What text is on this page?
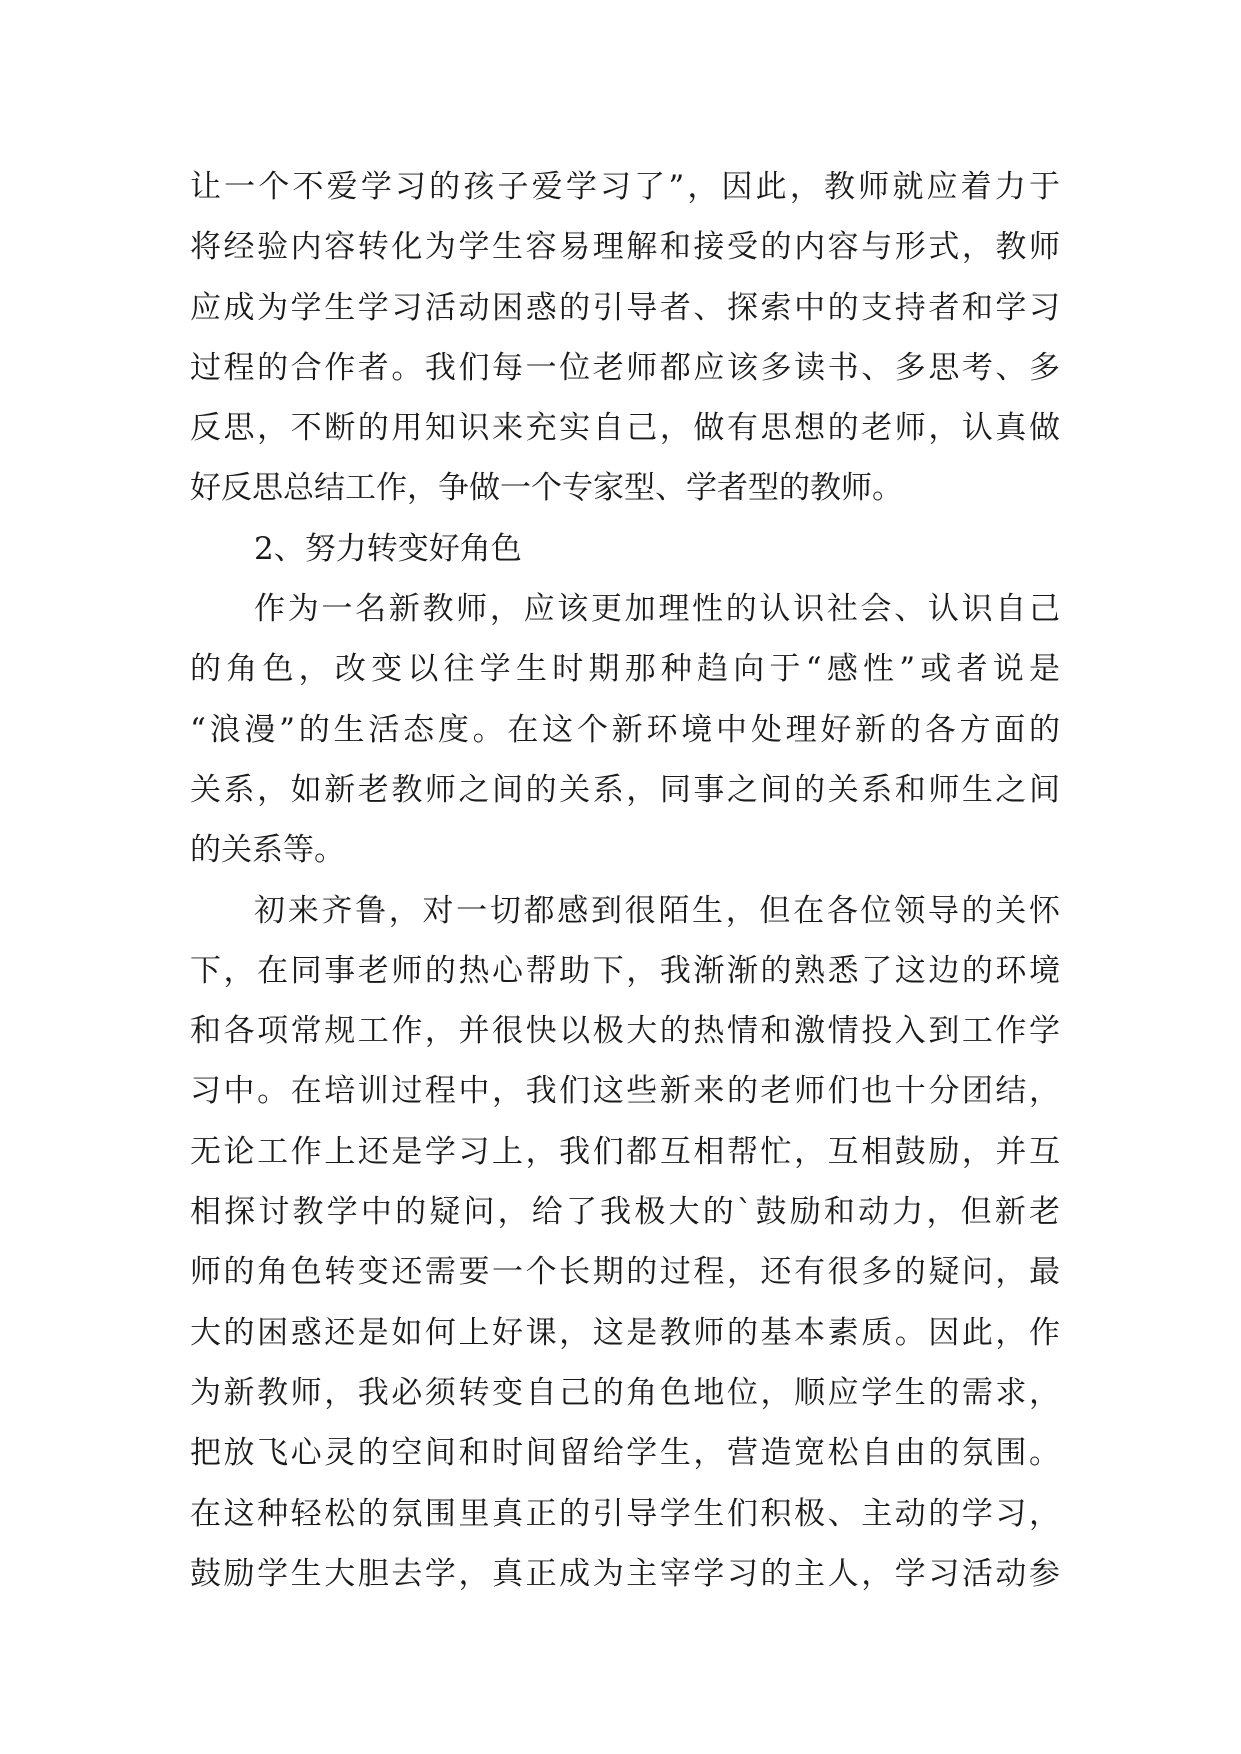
让一个不爱学习的孩子爱学习了”，因此，教师就应着力于
将经验内容转化为学生容易理解和接受的内容与形式，教师
应成为学生学习活动困惑的引导者、探索中的支持者和学习
过程的合作者。我们每一位老师都应该多读书、多思考、多
反思，不断的用知识来充实自己，做有思想的老师，认真做
好反思总结工作，争做一个专家型、学者型的教师。
2、努力转变好角色
作为一名新教师，应该更加理性的认识社会、认识自己
的角色，改变以往学生时期那种趋向于“感性”或者说是
“浪漫”的生活态度。在这个新环境中处理好新的各方面的
关系，如新老教师之间的关系，同事之间的关系和师生之间
的关系等。
初来齐鲁，对一切都感到很陌生，但在各位领导的关怀
下，在同事老师的热心帮助下，我渐渐的熟悉了这边的环境
和各项常规工作，并很快以极大的热情和激情投入到工作学
习中。在培训过程中，我们这些新来的老师们也十分团结，
无论工作上还是学习上，我们都互相帮忙，互相鼓励，并互
相探讨教学中的疑问，给了我极大的`鼓励和动力，但新老
师的角色转变还需要一个长期的过程，还有很多的疑问，最
大的困惑还是如何上好课，这是教师的基本素质。因此，作
为新教师，我必须转变自己的角色地位，顺应学生的需求，
把放飞心灵的空间和时间留给学生，营造宽松自由的氛围。
在这种轻松的氛围里真正的引导学生们积极、主动的学习，
鼓励学生大胆去学，真正成为主宰学习的主人，学习活动参
